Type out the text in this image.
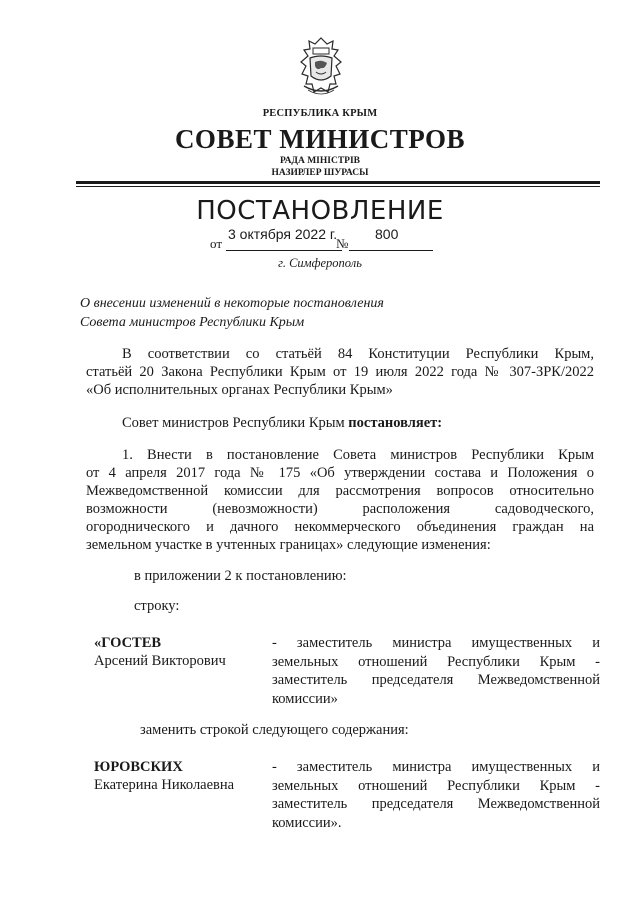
РЕСПУБЛИКА КРЫМ
СОВЕТ МИНИСТРОВ
РАДА МІНІСТРІВ
НАЗИРЛЕР ШУРАСЫ
ПОСТАНОВЛЕНИЕ
от
3 октября 2022 г.
№
800
г. Симферополь
О внесении изменений в некоторые постановления
Совета министров Республики Крым
В соответствии со статьёй 84 Конституции Республики Крым,
статьёй 20 Закона Республики Крым от 19 июля 2022 года № 307-ЗРК/2022
«Об исполнительных органах Республики Крым»
Совет министров Республики Крым постановляет:
1. Внести в постановление Совета министров Республики Крым
от 4 апреля 2017 года № 175 «Об утверждении состава и Положения о
Межведомственной комиссии для рассмотрения вопросов относительно
возможности (невозможности) расположения садоводческого,
огороднического и дачного некоммерческого объединения граждан на
земельном участке в учтенных границах» следующие изменения:
в приложении 2 к постановлению:
строку:
«ГОСТЕВ
Арсений Викторович
- заместитель министра имущественных и
земельных отношений Республики Крым -
заместитель председателя Межведомственной
комиссии»
заменить строкой следующего содержания:
ЮРОВСКИХ
Екатерина Николаевна
- заместитель министра имущественных и
земельных отношений Республики Крым -
заместитель председателя Межведомственной
комиссии».
